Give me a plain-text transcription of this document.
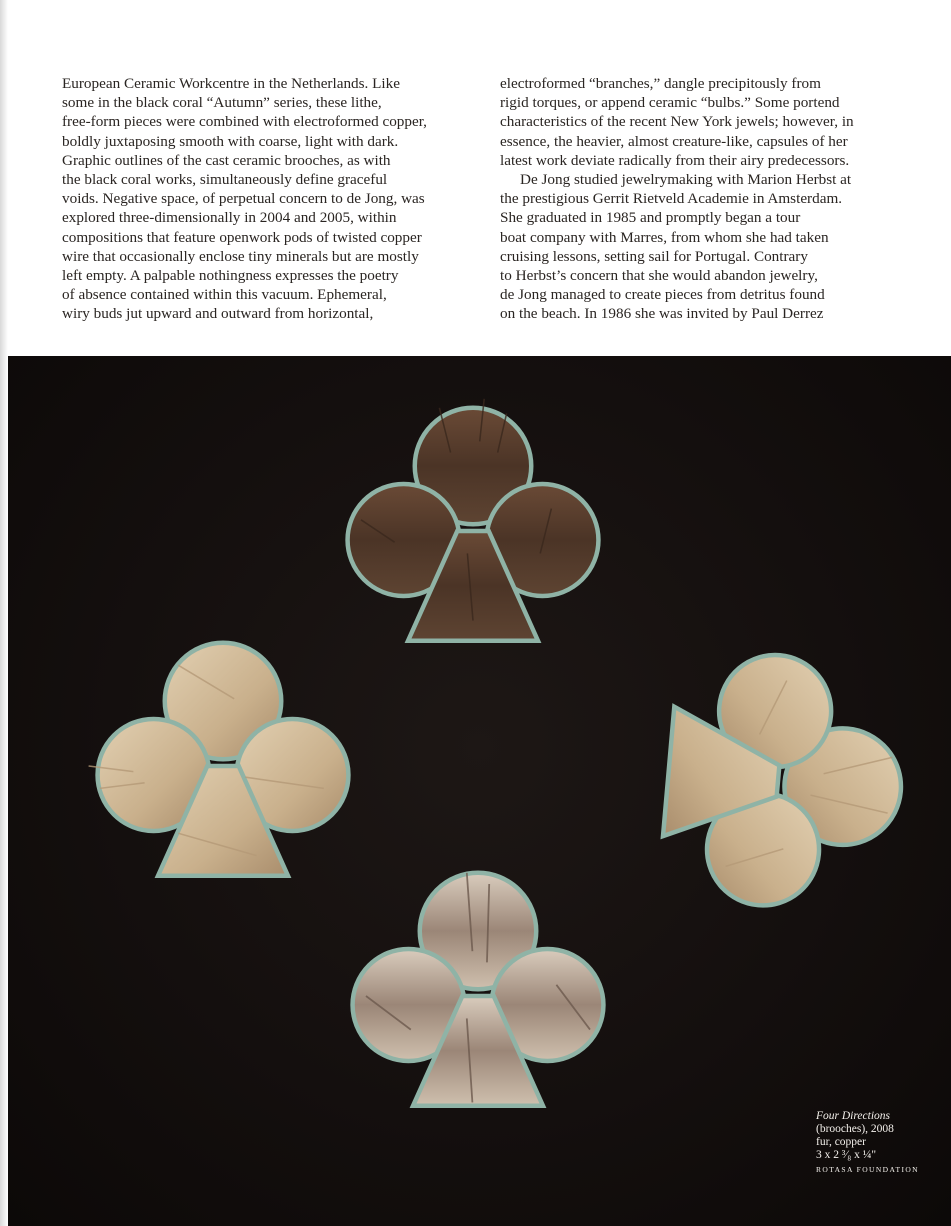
European Ceramic Workcentre in the Netherlands. Like
some in the black coral “Autumn” series, these lithe,
free-form pieces were combined with electroformed copper,
boldly juxtaposing smooth with coarse, light with dark.
Graphic outlines of the cast ceramic brooches, as with
the black coral works, simultaneously define graceful
voids. Negative space, of perpetual concern to de Jong, was
explored three-dimensionally in 2004 and 2005, within
compositions that feature openwork pods of twisted copper
wire that occasionally enclose tiny minerals but are mostly
left empty. A palpable nothingness expresses the poetry
of absence contained within this vacuum. Ephemeral,
wiry buds jut upward and outward from horizontal,

electroformed “branches,” dangle precipitously from
rigid torques, or append ceramic “bulbs.” Some portend
characteristics of the recent New York jewels; however, in
essence, the heavier, almost creature-like, capsules of her
latest work deviate radically from their airy predecessors.

De Jong studied jewelrymaking with Marion Herbst at
the prestigious Gerrit Rietveld Academie in Amsterdam.
She graduated in 1985 and promptly began a tour
boat company with Marres, from whom she had taken
cruising lessons, setting sail for Portugal. Contrary
to Herbst’s concern that she would abandon jewelry,
de Jong managed to create pieces from detritus found
on the beach. In 1986 she was invited by Paul Derrez

Four Directions
(brooches), 2008
fur, copper
3 x 2 ³⁄₈ x ¼"
ROTASA FOUNDATION
